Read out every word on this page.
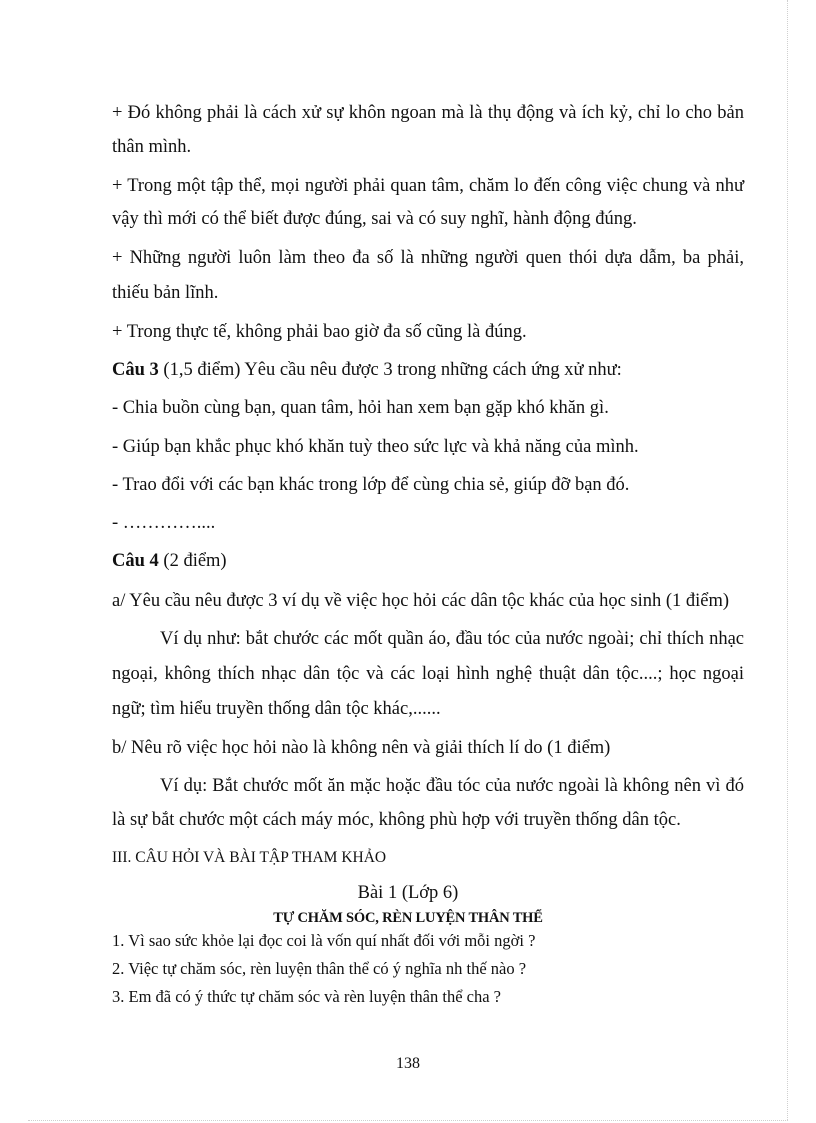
+ Đó không phải là cách xử sự khôn ngoan mà là thụ động và ích kỷ, chỉ lo cho bản
thân mình.
+ Trong một tập thể, mọi người phải quan tâm, chăm lo đến công việc chung và như
vậy thì mới có thể biết được đúng, sai và có suy nghĩ, hành động đúng.
+ Những người luôn làm theo đa số là những người quen thói dựa dẫm, ba phải,
thiếu bản lĩnh.
+ Trong thực tế, không phải bao giờ đa số cũng là đúng.
Câu 3 (1,5 điểm) Yêu cầu nêu được 3 trong những cách ứng xử như:
- Chia buồn cùng bạn, quan tâm, hỏi han xem bạn gặp khó khăn gì.
- Giúp bạn khắc phục khó khăn tuỳ theo sức lực và khả năng của mình.
- Trao đổi với các bạn khác trong lớp để cùng chia sẻ, giúp đỡ bạn đó.
- …………....
Câu 4 (2 điểm)
a/ Yêu cầu nêu được 3 ví dụ về việc học hỏi các dân tộc khác của học sinh (1 điểm)
Ví dụ như: bắt chước các mốt quần áo, đầu tóc của nước ngoài; chỉ thích nhạc
ngoại, không thích nhạc dân tộc và các loại hình nghệ thuật dân tộc....; học ngoại
ngữ; tìm hiểu truyền thống dân tộc khác,......
b/ Nêu rõ việc học hỏi nào là không nên và giải thích lí do (1 điểm)
Ví dụ: Bắt chước mốt ăn mặc hoặc đầu tóc của nước ngoài là không nên vì đó
là sự bắt chước một cách máy móc, không phù hợp với truyền thống dân tộc.
III. CÂU HỎI VÀ BÀI TẬP THAM KHẢO
Bài 1 (Lớp 6)
TỰ CHĂM SÓC, RÈN LUYỆN THÂN THỂ
1. Vì sao sức khỏe lại đọc coi là vốn quí nhất đối với mỗi ngời ?
2. Việc tự chăm sóc, rèn luyện thân thể có ý nghĩa nh thế nào ?
3. Em đã có ý thức tự chăm sóc và rèn luyện thân thể cha ?
138
